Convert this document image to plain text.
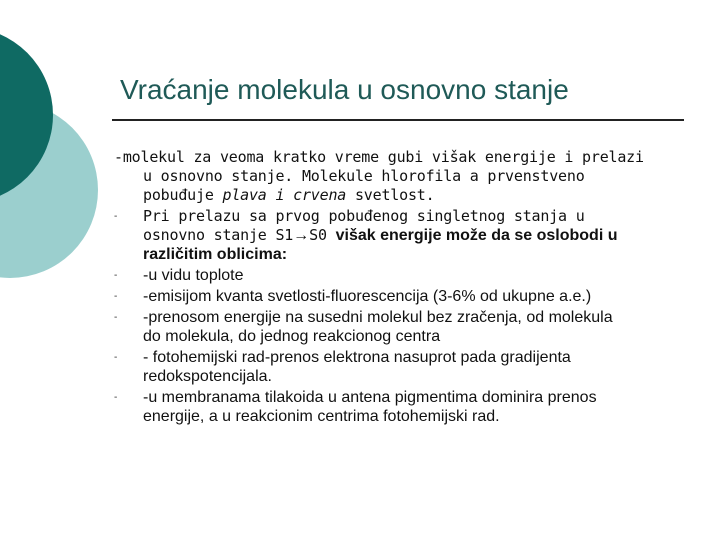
Vraćanje molekula u osnovno stanje
-molekul za veoma kratko vreme gubi višak energije i prelazi
u osnovno stanje. Molekule hlorofila a prvenstveno
pobuđuje plava i crvena svetlost.
- Pri prelazu sa prvog pobuđenog singletnog stanja u
osnovno stanje S1→S0 višak energije može da se oslobodi u
različitim oblicima:
- -u vidu toplote
- -emisijom kvanta svetlosti-fluorescencija (3-6% od ukupne a.e.)
- -prenosom energije na susedni molekul bez zračenja, od molekula
do molekula, do jednog reakcionog centra
- - fotohemijski rad-prenos elektrona nasuprot pada gradijenta
redokspotencijala.
- -u membranama tilakoida u antena pigmentima dominira prenos
energije, a u reakcionim centrima fotohemijski rad.
